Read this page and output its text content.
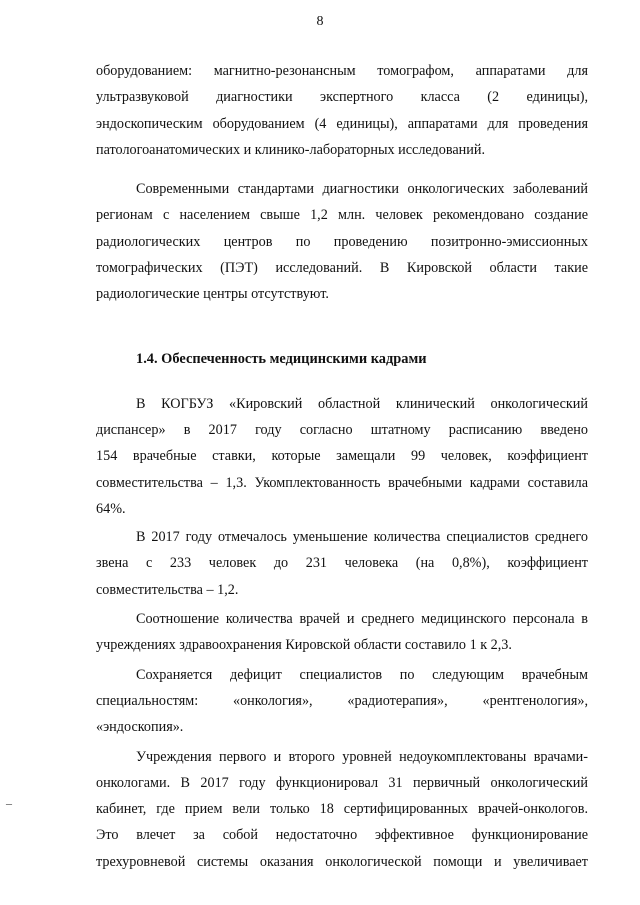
8

оборудованием: магнитно-резонансным томографом, аппаратами для

ультразвуковой диагностики экспертного класса (2 единицы),

эндоскопическим оборудованием (4 единицы), аппаратами для проведения

патологоанатомических и клинико-лабораторных исследований.

Современными стандартами диагностики онкологических заболеваний

регионам с населением свыше 1,2 млн. человек рекомендовано создание

радиологических центров по проведению позитронно-эмиссионных

томографических (ПЭТ) исследований. В Кировской области такие

радиологические центры отсутствуют.

1.4. Обеспеченность медицинскими кадрами

В КОГБУЗ «Кировский областной клинический онкологический

диспансер» в 2017 году согласно штатному расписанию введено

154 врачебные ставки, которые замещали 99 человек, коэффициент

совместительства – 1,3. Укомплектованность врачебными кадрами составила

64%.

В 2017 году отмечалось уменьшение количества специалистов среднего

звена с 233 человек до 231 человека (на 0,8%), коэффициент

совместительства – 1,2.

Соотношение количества врачей и среднего медицинского персонала в

учреждениях здравоохранения Кировской области составило 1 к 2,3.

Сохраняется дефицит специалистов по следующим врачебным

специальностям: «онкология», «радиотерапия», «рентгенология»,

«эндоскопия».

Учреждения первого и второго уровней недоукомплектованы врачами-

онкологами. В 2017 году функционировал 31 первичный онкологический

кабинет, где прием вели только 18 сертифицированных врачей-онкологов.

Это влечет за собой недостаточно эффективное функционирование

трехуровневой системы оказания онкологической помощи и увеличивает

–
